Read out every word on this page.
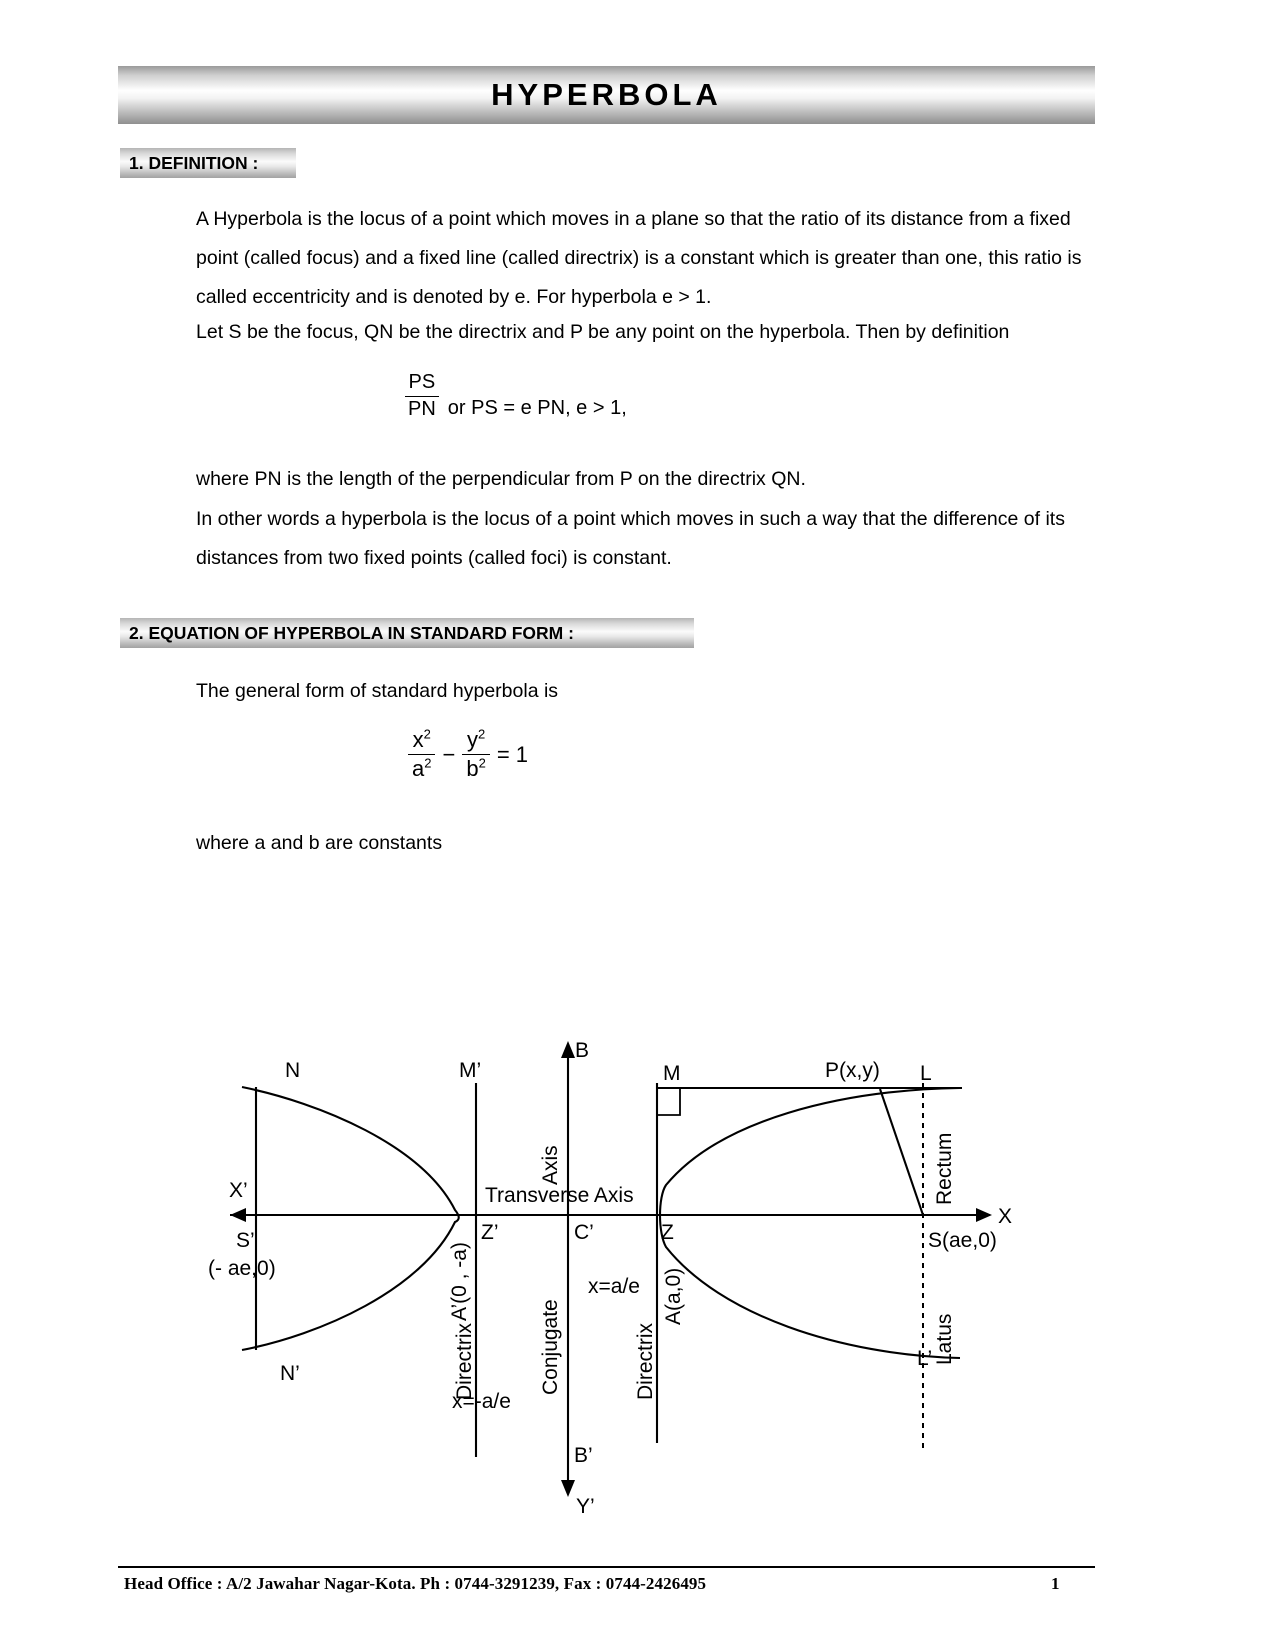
HYPERBOLA
1. DEFINITION :
A Hyperbola is the locus of a point which moves in a plane so that the ratio of its distance from a fixed point (called focus) and a fixed line (called directrix) is a constant which is greater than one, this ratio is called eccentricity and is denoted by e. For hyperbola e > 1.
Let S be the focus, QN be the directrix and P be any point on the hyperbola. Then by definition
$\frac{PS}{PN}$ or PS = e PN, e > 1,
where PN is the length of the perpendicular from P on the directrix QN.
In other words a hyperbola is the locus of a point which moves in such a way that the difference of its distances from two fixed points (called foci) is constant.
2. EQUATION OF HYPERBOLA IN STANDARD FORM :
The general form of standard hyperbola is
$\frac{x^2}{a^2} - \frac{y^2}{b^2} = 1$
where a and b are constants
N
N’
M’	M	P(x,y) L
L’
X’
X
B
B’
Y’
S’
(- ae,0)
S(ae,0)
Z’	Z
C’
Transverse Axis
x=a/e
x=-a/e
Axis
Conjugate
Directrix	Directrix
A’(0 , -a)	A(a,0)
Rectum
Latus
Head Office : A/2 Jawahar Nagar-Kota. Ph : 0744-3291239, Fax : 0744-2426495	1
